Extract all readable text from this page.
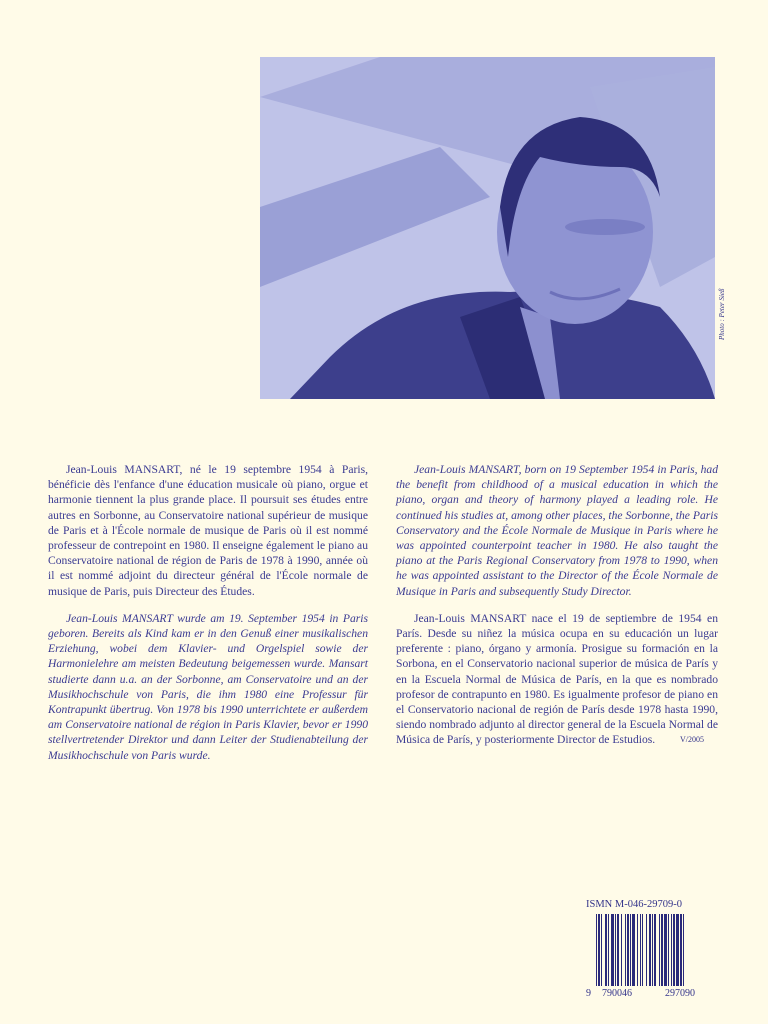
Photo : Peter Sieß

Jean-Louis MANSART, né le 19 septembre 1954 à Paris, bénéficie dès l'enfance d'une éducation musicale où piano, orgue et harmonie tiennent la plus grande place. Il poursuit ses études entre autres en Sorbonne, au Conservatoire national supérieur de musique de Paris et à l'École normale de musique de Paris où il est nommé professeur de contrepoint en 1980. Il enseigne également le piano au Conservatoire national de région de Paris de 1978 à 1990, année où il est nommé adjoint du directeur général de l'École normale de musique de Paris, puis Directeur des Études.

Jean-Louis MANSART wurde am 19. September 1954 in Paris geboren. Bereits als Kind kam er in den Genuß einer musikalischen Erziehung, wobei dem Klavier- und Orgelspiel sowie der Harmonielehre am meisten Bedeutung beigemessen wurde. Mansart studierte dann u.a. an der Sorbonne, am Conservatoire und an der Musikhochschule von Paris, die ihm 1980 eine Professur für Kontrapunkt übertrug. Von 1978 bis 1990 unterrichtete er außerdem am Conservatoire national de région in Paris Klavier, bevor er 1990 stellvertretender Direktor und dann Leiter der Studienabteilung der Musikhochschule von Paris wurde.

Jean-Louis MANSART, born on 19 September 1954 in Paris, had the benefit from childhood of a musical education in which the piano, organ and theory of harmony played a leading role. He continued his studies at, among other places, the Sorbonne, the Paris Conservatory and the École Normale de Musique in Paris where he was appointed counterpoint teacher in 1980. He also taught the piano at the Paris Regional Conservatory from 1978 to 1990, when he was appointed assistant to the Director of the École Normale de Musique in Paris and subsequently Study Director.

Jean-Louis MANSART nace el 19 de septiembre de 1954 en París. Desde su niñez la música ocupa en su educación un lugar preferente : piano, órgano y armonía. Prosigue su formación en la Sorbona, en el Conservatorio nacional superior de música de París y en la Escuela Normal de Música de París, en la que es nombrado profesor de contrapunto en 1980. Es igualmente profesor de piano en el Conservatorio nacional de región de París desde 1978 hasta 1990, siendo nombrado adjunto al director general de la Escuela Normal de Música de París, y posteriormente Director de Estudios.	V/2005
ISMN M-046-29709-0
9 790046	297090
